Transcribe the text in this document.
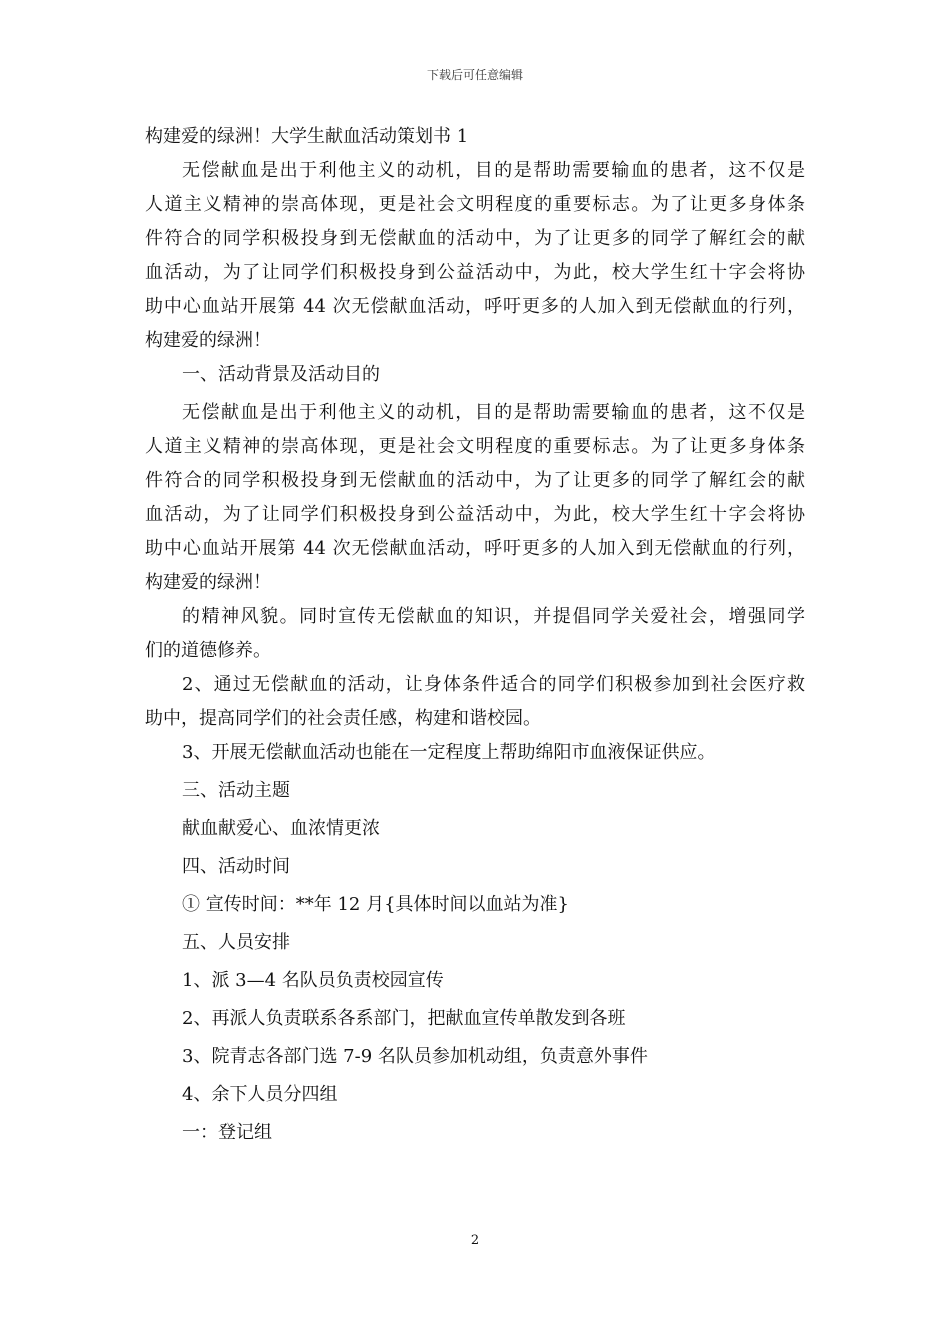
下载后可任意编辑
构建爱的绿洲！大学生献血活动策划书 1
无偿献血是出于利他主义的动机，目的是帮助需要输血的患者，这不仅是
人道主义精神的崇高体现，更是社会文明程度的重要标志。为了让更多身体条
件符合的同学积极投身到无偿献血的活动中，为了让更多的同学了解红会的献
血活动，为了让同学们积极投身到公益活动中，为此，校大学生红十字会将协
助中心血站开展第 44 次无偿献血活动，呼吁更多的人加入到无偿献血的行列，
构建爱的绿洲！
一、活动背景及活动目的
无偿献血是出于利他主义的动机，目的是帮助需要输血的患者，这不仅是
人道主义精神的崇高体现，更是社会文明程度的重要标志。为了让更多身体条
件符合的同学积极投身到无偿献血的活动中，为了让更多的同学了解红会的献
血活动，为了让同学们积极投身到公益活动中，为此，校大学生红十字会将协
助中心血站开展第 44 次无偿献血活动，呼吁更多的人加入到无偿献血的行列，
构建爱的绿洲！
的精神风貌。同时宣传无偿献血的知识，并提倡同学关爱社会，增强同学
们的道德修养。
2、通过无偿献血的活动，让身体条件适合的同学们积极参加到社会医疗救
助中，提高同学们的社会责任感，构建和谐校园。
3、开展无偿献血活动也能在一定程度上帮助绵阳市血液保证供应。
三、活动主题
献血献爱心、血浓情更浓
四、活动时间
① 宣传时间：**年 12 月{具体时间以血站为准}
五、人员安排
1、派 3—4 名队员负责校园宣传
2、再派人负责联系各系部门，把献血宣传单散发到各班
3、院青志各部门选 7-9 名队员参加机动组，负责意外事件
4、余下人员分四组
一：登记组
2
